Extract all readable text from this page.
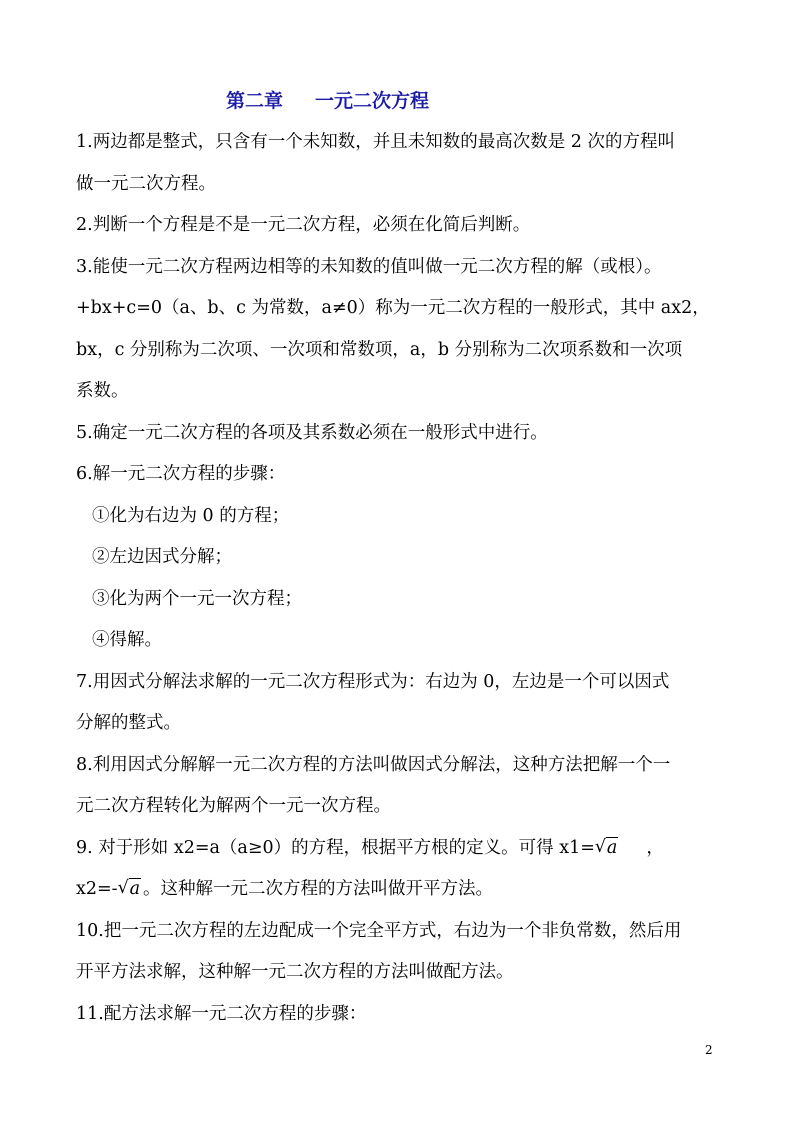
第二章 一元二次方程
1.两边都是整式，只含有一个未知数，并且未知数的最高次数是 2 次的方程叫
做一元二次方程。
2.判断一个方程是不是一元二次方程，必须在化简后判断。
3.能使一元二次方程两边相等的未知数的值叫做一元二次方程的解（或根）。
+bx+c=0（a、b、c 为常数，a≠0）称为一元二次方程的一般形式，其中 ax2，
bx，c 分别称为二次项、一次项和常数项，a，b 分别称为二次项系数和一次项
系数。
5.确定一元二次方程的各项及其系数必须在一般形式中进行。
6.解一元二次方程的步骤：
①化为右边为 0 的方程；
②左边因式分解；
③化为两个一元一次方程；
④得解。
7.用因式分解法求解的一元二次方程形式为：右边为 0，左边是一个可以因式
分解的整式。
8.利用因式分解解一元二次方程的方法叫做因式分解法，这种方法把解一个一
元二次方程转化为解两个一元一次方程。
9. 对于形如 x2=a（a≥0）的方程，根据平方根的定义。可得 x1= √ a ，
x2=- √ a 。这种解一元二次方程的方法叫做开平方法。
10.把一元二次方程的左边配成一个完全平方式，右边为一个非负常数，然后用
开平方法求解，这种解一元二次方程的方法叫做配方法。
11.配方法求解一元二次方程的步骤：
2
